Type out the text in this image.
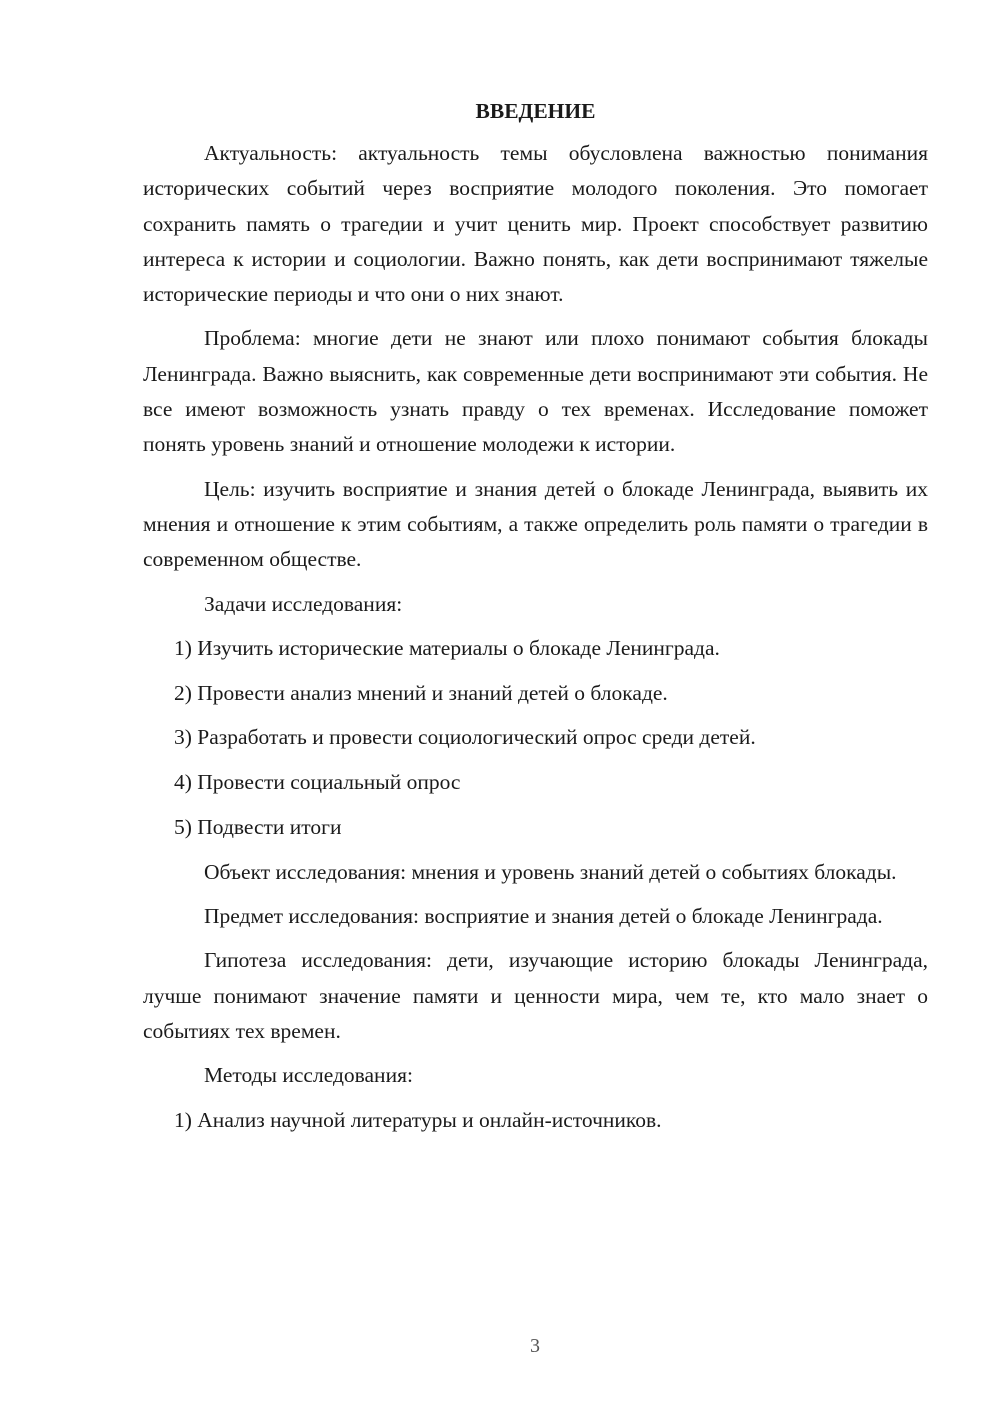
ВВЕДЕНИЕ

Актуальность: актуальность темы обусловлена важностью понимания исторических событий через восприятие молодого поколения. Это помогает сохранить память о трагедии и учит ценить мир. Проект способствует развитию интереса к истории и социологии. Важно понять, как дети воспринимают тяжелые исторические периоды и что они о них знают.

Проблема: многие дети не знают или плохо понимают события блокады Ленинграда. Важно выяснить, как современные дети воспринимают эти события. Не все имеют возможность узнать правду о тех временах. Исследование поможет понять уровень знаний и отношение молодежи к истории.

Цель: изучить восприятие и знания детей о блокаде Ленинграда, выявить их мнения и отношение к этим событиям, а также определить роль памяти о трагедии в современном обществе.

Задачи исследования:

1) Изучить исторические материалы о блокаде Ленинграда.

2) Провести анализ мнений и знаний детей о блокаде.

3) Разработать и провести социологический опрос среди детей.

4) Провести социальный опрос

5) Подвести итоги

Объект исследования: мнения и уровень знаний детей о событиях блокады.

Предмет исследования: восприятие и знания детей о блокаде Ленинграда.

Гипотеза исследования: дети, изучающие историю блокады Ленинграда, лучше понимают значение памяти и ценности мира, чем те, кто мало знает о событиях тех времен.

Методы исследования:

1) Анализ научной литературы и онлайн-источников.

3
